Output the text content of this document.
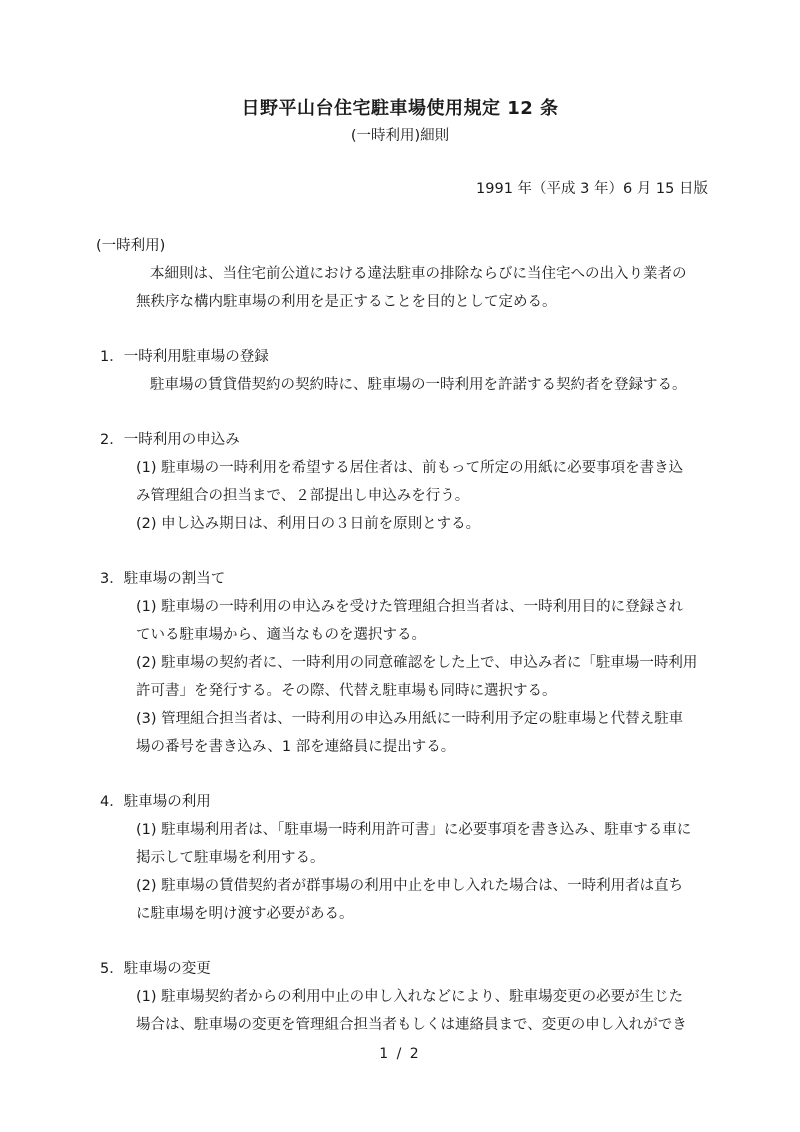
日野平山台住宅駐車場使用規定 12 条
(一時利用)細則
1991 年（平成 3 年）6 月 15 日版
(一時利用)
本細則は、当住宅前公道における違法駐車の排除ならびに当住宅への出入り業者の
無秩序な構内駐車場の利用を是正することを目的として定める。
1．一時利用駐車場の登録
駐車場の賃貸借契約の契約時に、駐車場の一時利用を許諾する契約者を登録する。
2．一時利用の申込み
(1) 駐車場の一時利用を希望する居住者は、前もって所定の用紙に必要事項を書き込
み管理組合の担当まで、２部提出し申込みを行う。
(2) 申し込み期日は、利用日の３日前を原則とする。
3．駐車場の割当て
(1) 駐車場の一時利用の申込みを受けた管理組合担当者は、一時利用目的に登録され
ている駐車場から、適当なものを選択する。
(2) 駐車場の契約者に、一時利用の同意確認をした上で、申込み者に「駐車場一時利用
許可書」を発行する。その際、代替え駐車場も同時に選択する。
(3) 管理組合担当者は、一時利用の申込み用紙に一時利用予定の駐車場と代替え駐車
場の番号を書き込み、1 部を連絡員に提出する。
4．駐車場の利用
(1) 駐車場利用者は、「駐車場一時利用許可書」に必要事項を書き込み、駐車する車に
掲示して駐車場を利用する。
(2) 駐車場の賃借契約者が群事場の利用中止を申し入れた場合は、一時利用者は直ち
に駐車場を明け渡す必要がある。
5．駐車場の変更
(1) 駐車場契約者からの利用中止の申し入れなどにより、駐車場変更の必要が生じた
場合は、駐車場の変更を管理組合担当者もしくは連絡員まで、変更の申し入れができ
1 / 2
